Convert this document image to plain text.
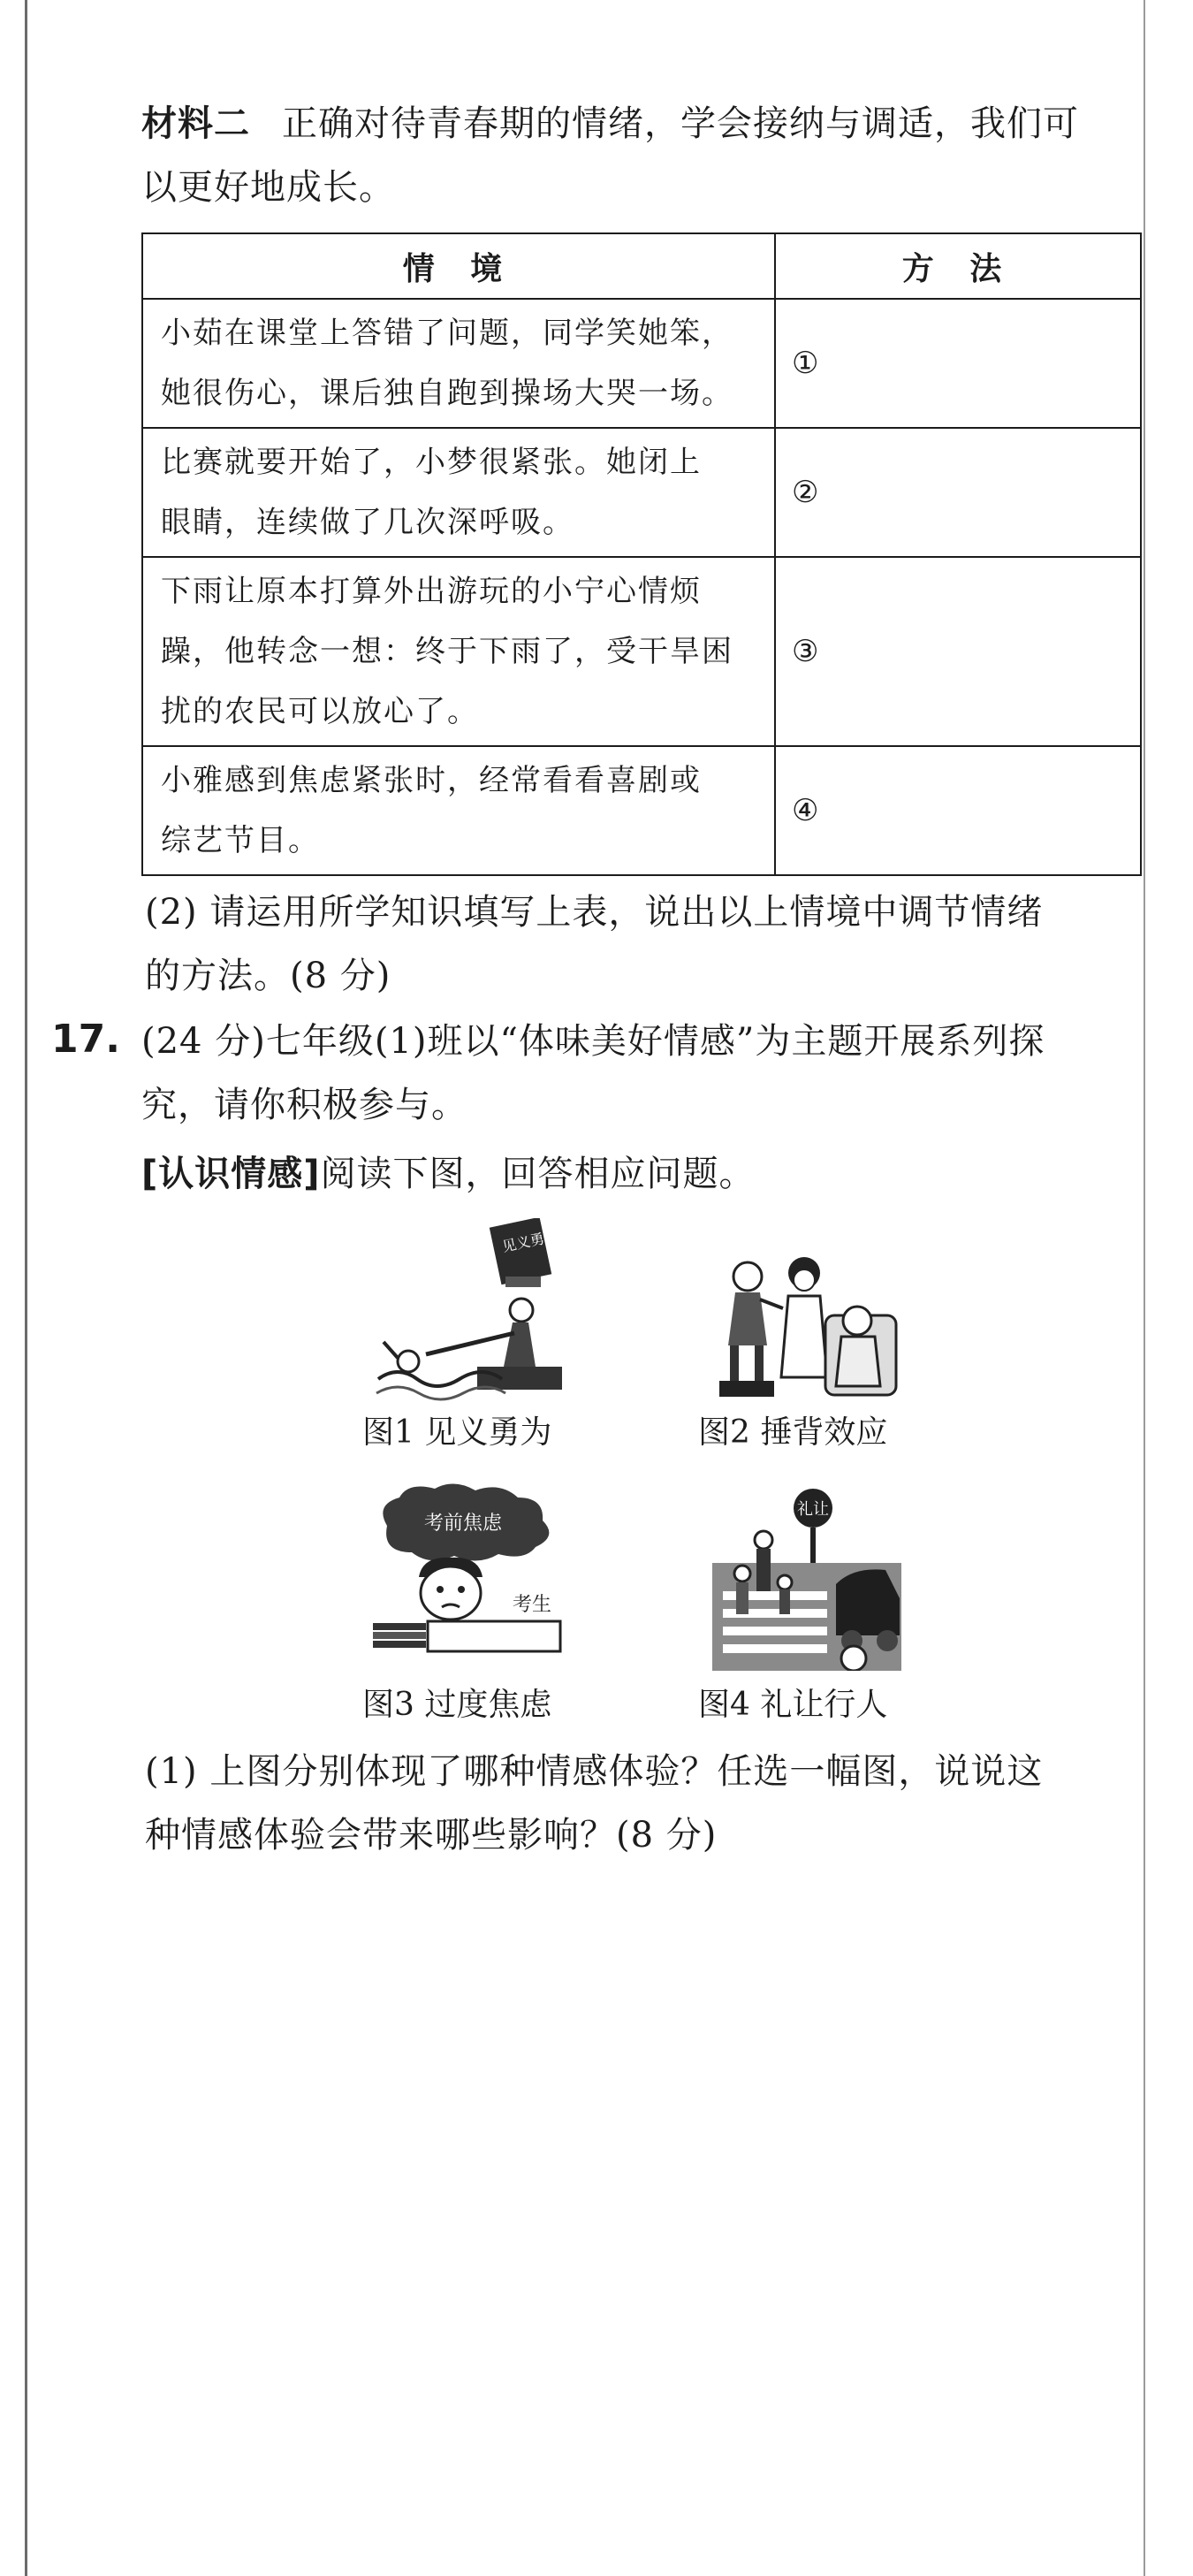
材料二 正确对待青春期的情绪，学会接纳与调适，我们可
以更好地成长。
情 境	方 法

小茹在课堂上答错了问题，同学笑她笨，
她很伤心，课后独自跑到操场大哭一场。	①

比赛就要开始了，小梦很紧张。她闭上
眼睛，连续做了几次深呼吸。	②

下雨让原本打算外出游玩的小宁心情烦
躁，他转念一想：终于下雨了，受干旱困
扰的农民可以放心了。	③

小雅感到焦虑紧张时，经常看看喜剧或
综艺节目。	④
(2) 请运用所学知识填写上表，说出以上情境中调节情绪
的方法。(8 分)
17. (24 分)七年级(1)班以“体味美好情感”为主题开展系列探
究，请你积极参与。
[认识情感]阅读下图，回答相应问题。
见义勇为
图1 见义勇为	图2 捶背效应
考前焦虑
考生
图3 过度焦虑
礼让
图4 礼让行人
(1) 上图分别体现了哪种情感体验？任选一幅图，说说这
种情感体验会带来哪些影响？(8 分)
